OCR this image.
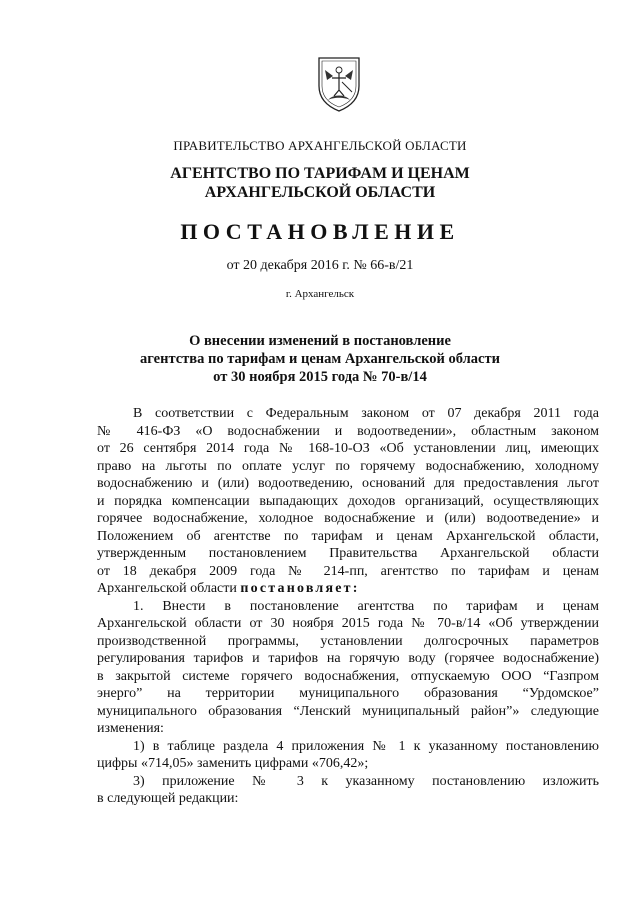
ПРАВИТЕЛЬСТВО АРХАНГЕЛЬСКОЙ ОБЛАСТИ
АГЕНТСТВО ПО ТАРИФАМ И ЦЕНАМ
АРХАНГЕЛЬСКОЙ ОБЛАСТИ
ПОСТАНОВЛЕНИЕ
от 20 декабря 2016 г. № 66-в/21
г. Архангельск
О внесении изменений в постановление
агентства по тарифам и ценам Архангельской области
от 30 ноября 2015 года № 70-в/14
В соответствии с Федеральным законом от 07 декабря 2011 года
№ 416-ФЗ «О водоснабжении и водоотведении», областным законом
от 26 сентября 2014 года № 168-10-ОЗ «Об установлении лиц, имеющих
право на льготы по оплате услуг по горячему водоснабжению, холодному
водоснабжению и (или) водоотведению, оснований для предоставления льгот
и порядка компенсации выпадающих доходов организаций, осуществляющих
горячее водоснабжение, холодное водоснабжение и (или) водоотведение» и
Положением об агентстве по тарифам и ценам Архангельской области,
утвержденным постановлением Правительства Архангельской области
от 18 декабря 2009 года № 214-пп, агентство по тарифам и ценам
Архангельской области постановляет:
1. Внести в постановление агентства по тарифам и ценам
Архангельской области от 30 ноября 2015 года № 70-в/14 «Об утверждении
производственной программы, установлении долгосрочных параметров
регулирования тарифов и тарифов на горячую воду (горячее водоснабжение)
в закрытой системе горячего водоснабжения, отпускаемую ООО “Газпром
энерго” на территории муниципального образования “Урдомское”
муниципального образования “Ленский муниципальный район”» следующие
изменения:
1) в таблице раздела 4 приложения № 1 к указанному постановлению
цифры «714,05» заменить цифрами «706,42»;
3) приложение № 3 к указанному постановлению изложить
в следующей редакции:
